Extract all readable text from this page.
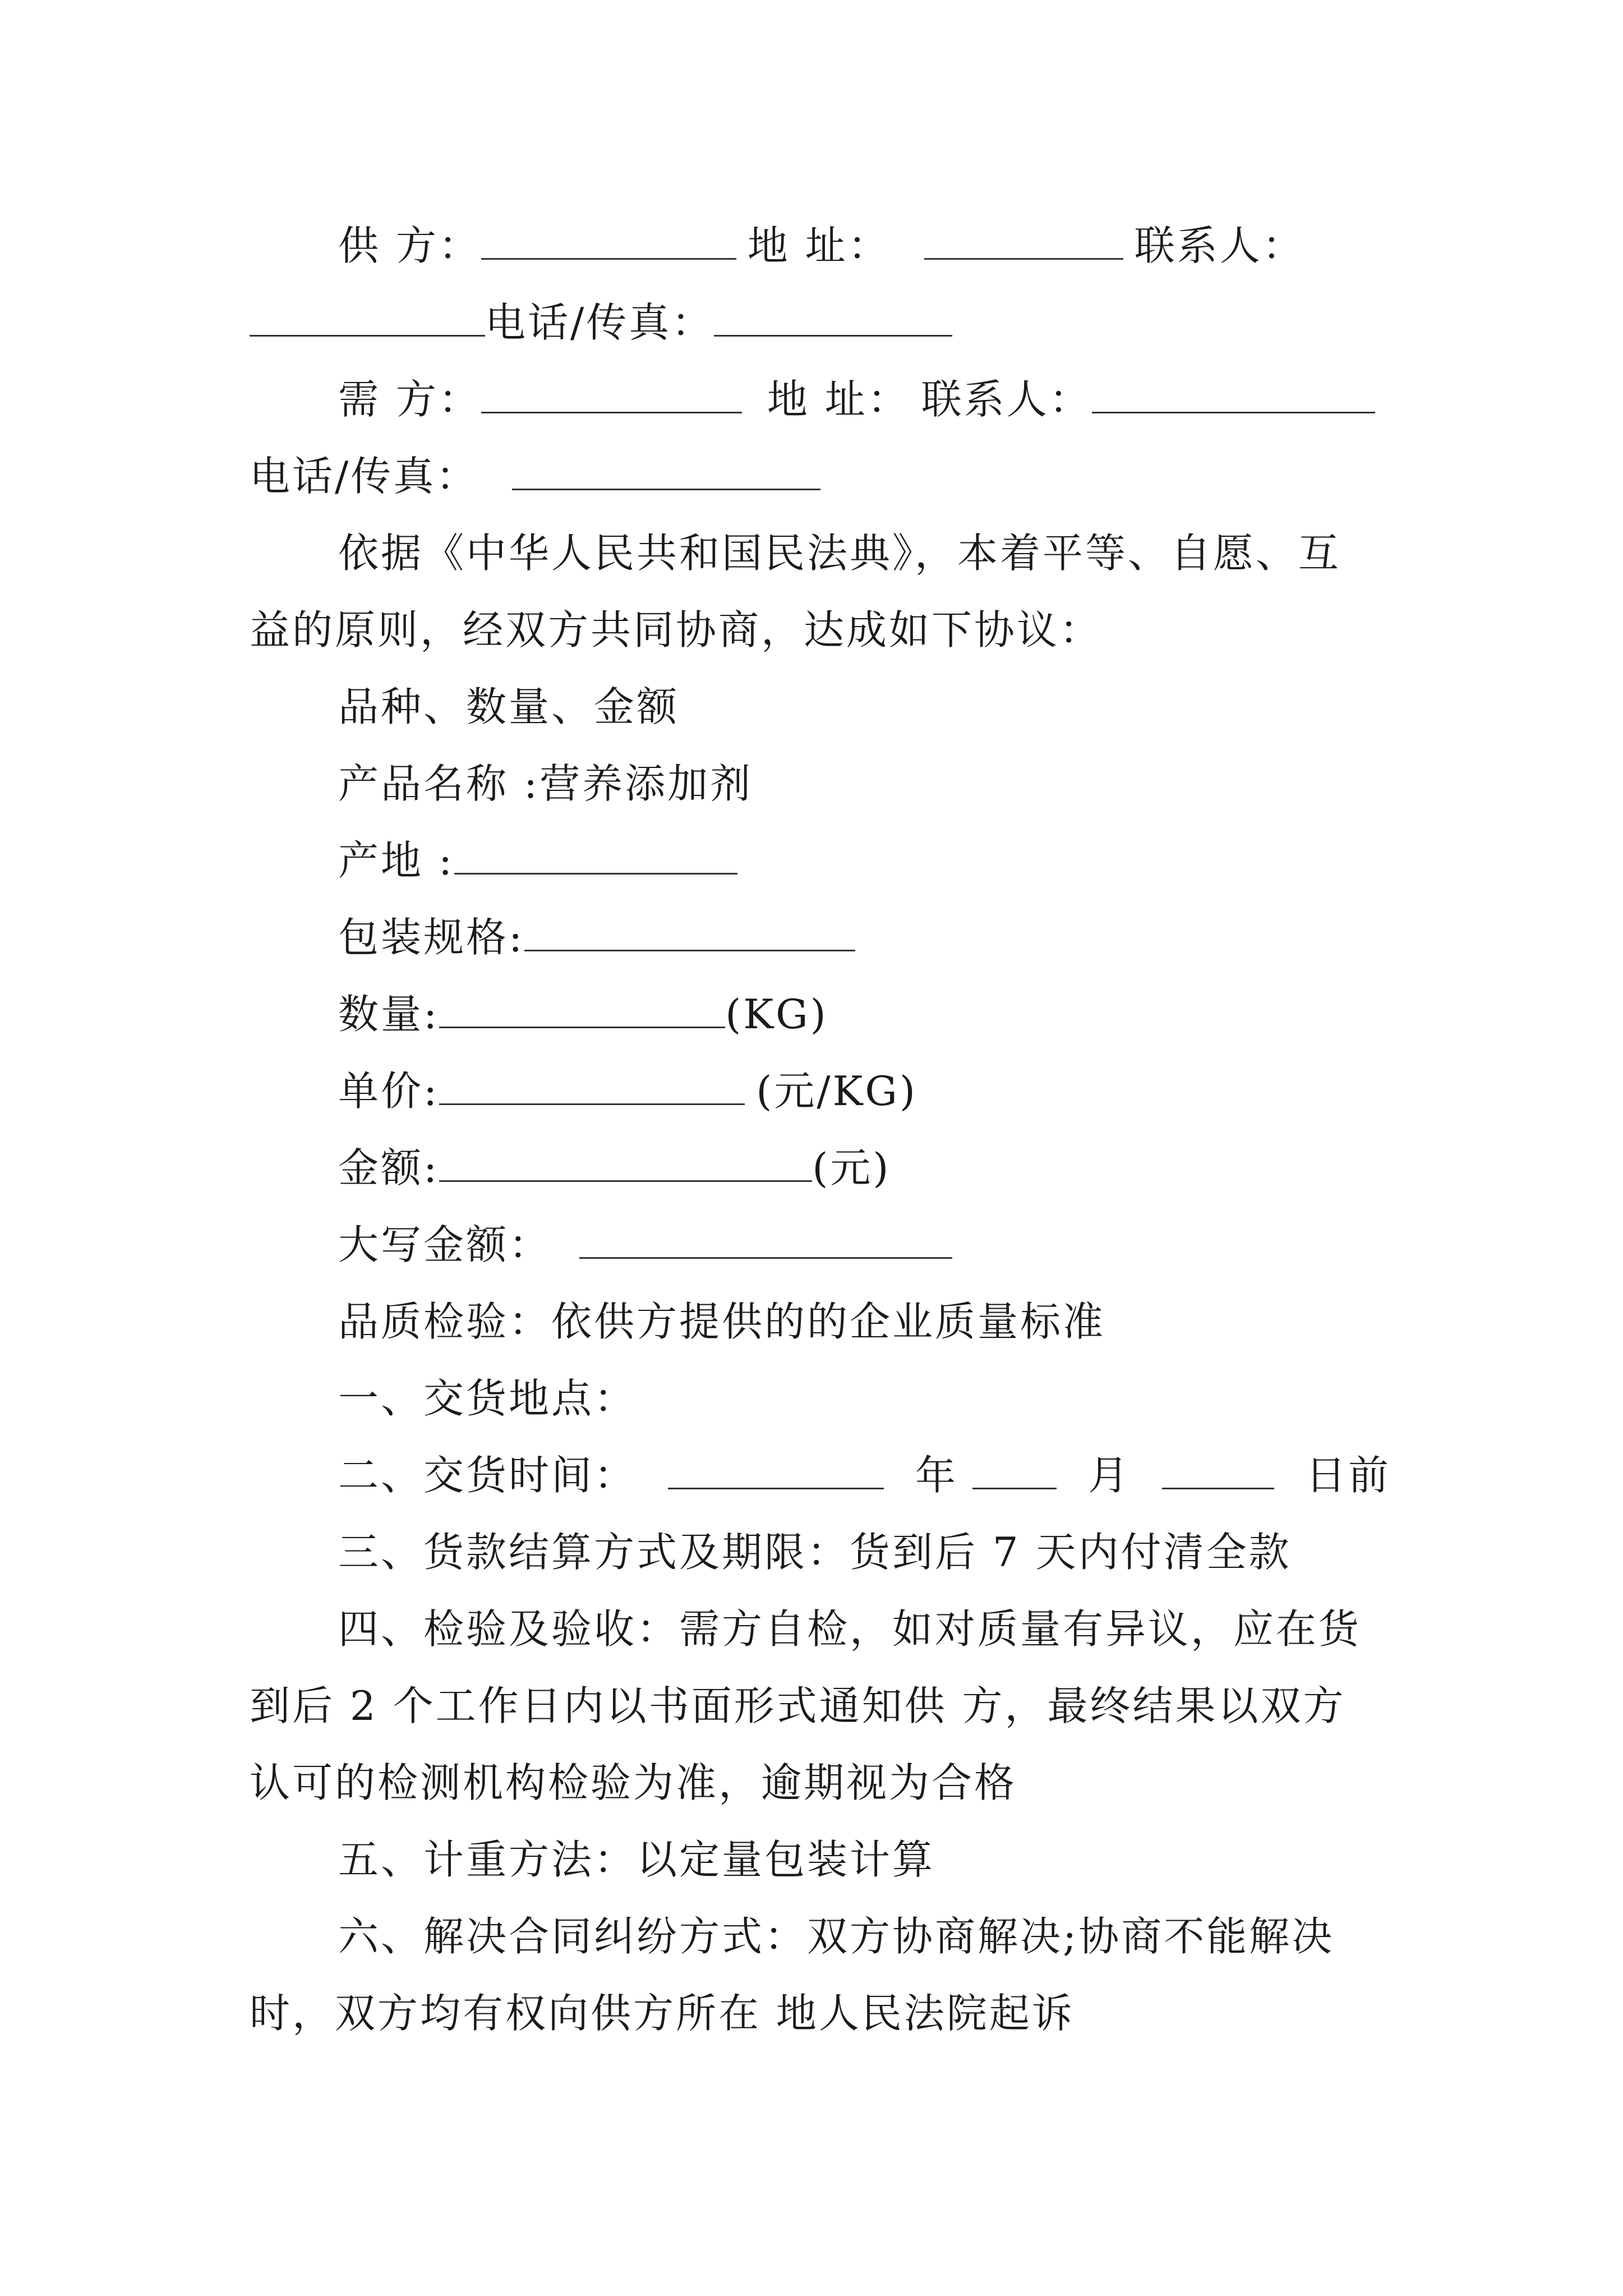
供 方：	地 址：	联系人：
电话/传真：
需 方：	地 址： 联系人：
电话/传真：
依据《中华人民共和国民法典》，本着平等、自愿、互
益的原则，经双方共同协商，达成如下协议：
品种、数量、金额
产品名称 :营养添加剂
产地 :
包装规格:
数量:	(KG)
单价:	(元/KG)
金额:	(元)
大写金额：
品质检验：依供方提供的的企业质量标准
一、交货地点：
二、交货时间：	年	月	日前
三、货款结算方式及期限：货到后 7 天内付清全款
四、检验及验收：需方自检，如对质量有异议，应在货
到后 2 个工作日内以书面形式通知供 方，最终结果以双方
认可的检测机构检验为准，逾期视为合格
五、计重方法：以定量包装计算
六、解决合同纠纷方式：双方协商解决;协商不能解决
时，双方均有权向供方所在 地人民法院起诉
